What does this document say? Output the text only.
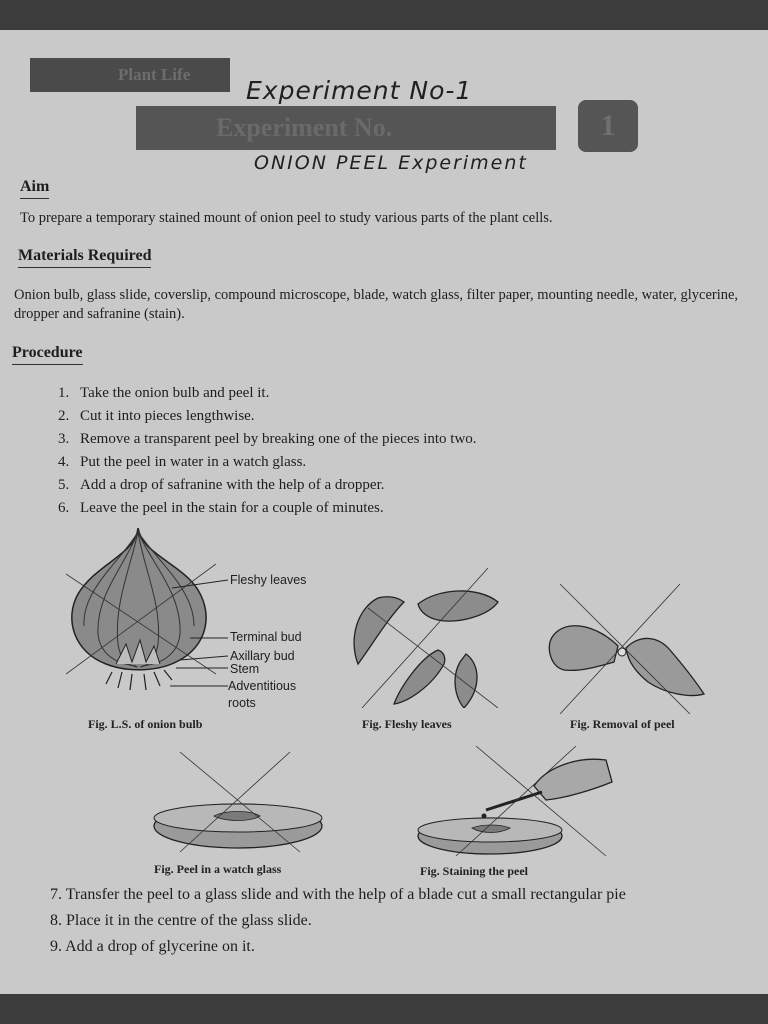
Plant Life
Experiment No.	1
Experiment No-1
ONION PEEL Experiment
Aim
To prepare a temporary stained mount of onion peel to study various parts of the plant cells.
Materials Required
Onion bulb, glass slide, coverslip, compound microscope, blade, watch glass, filter paper, mounting needle, water, glycerine, dropper and safranine (stain).
Procedure
1. Take the onion bulb and peel it.
2. Cut it into pieces lengthwise.
3. Remove a transparent peel by breaking one of the pieces into two.
4. Put the peel in water in a watch glass.
5. Add a drop of safranine with the help of a dropper.
6. Leave the peel in the stain for a couple of minutes.
Fleshy leaves
Terminal bud
Axillary bud
Stem
Adventitious
roots
Fig. L.S. of onion bulb	Fig. Fleshy leaves	Fig. Removal of peel
Fig. Peel in a watch glass	Fig. Staining the peel
7. Transfer the peel to a glass slide and with the help of a blade cut a small rectangular pie
8. Place it in the centre of the glass slide.
9. Add a drop of glycerine on it.
